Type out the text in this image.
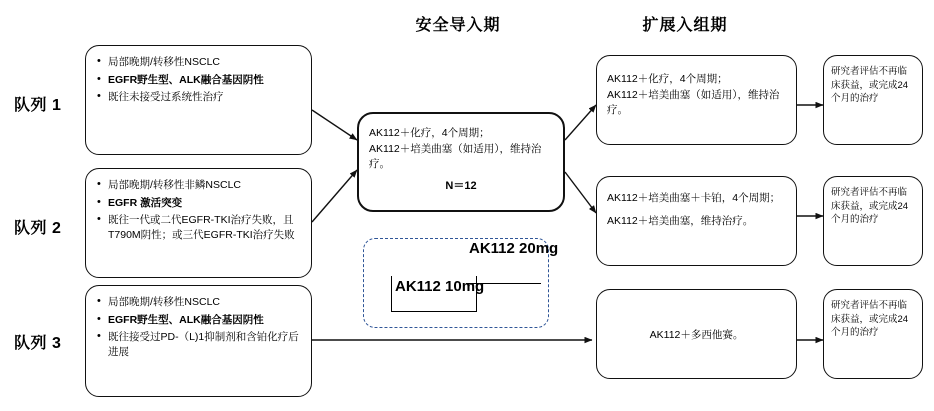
安全导入期	扩展入组期
队列 1
• 局部晚期/转移性NSCLC
• EGFR野生型、ALK融合基因阴性
• 既往未接受过系统性治疗
队列 2
• 局部晚期/转移性非鳞NSCLC
• EGFR 激活突变
• 既往一代或二代EGFR-TKI治疗失败，且T790M阴性；或三代EGFR-TKI治疗失败
队列 3
• 局部晚期/转移性NSCLC
• EGFR野生型、ALK融合基因阴性
• 既往接受过PD-（L)1抑制剂和含铂化疗后进展
AK112＋化疗，4个周期；
AK112＋培美曲塞（如适用），维持治疗。
N＝12
AK112 20mg
AK112 10mg
AK112＋化疗，4个周期；
AK112＋培美曲塞（如适用），维持治疗。
AK112＋培美曲塞＋卡铂，4个周期；
AK112＋培美曲塞，维持治疗。
AK112＋多西他赛。
研究者评估不再临床获益，或完成24个月的治疗
研究者评估不再临床获益，或完成24个月的治疗
研究者评估不再临床获益，或完成24个月的治疗
